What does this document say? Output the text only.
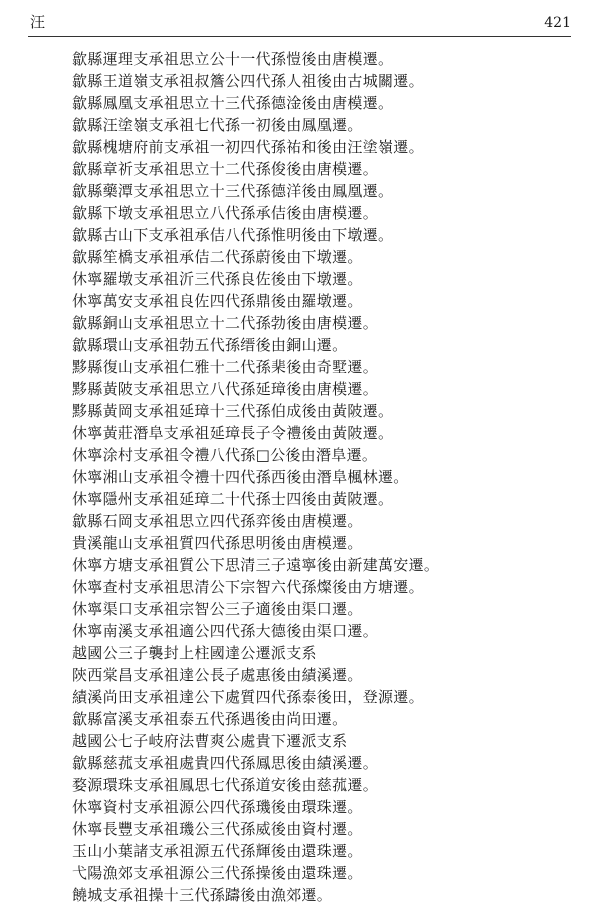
汪	421
歙縣運理支承祖思立公十一代孫愷後由唐模遷。
歙縣王道嶺支承祖叔簷公四代孫人祖後由古城關遷。
歙縣鳳凰支承祖思立十三代孫德淦後由唐模遷。
歙縣汪塗嶺支承祖七代孫一初後由鳳凰遷。
歙縣槐塘府前支承祖一初四代孫祐和後由汪塗嶺遷。
歙縣章祈支承祖思立十二代孫俊後由唐模遷。
歙縣藥潭支承祖思立十三代孫德洋後由鳳凰遷。
歙縣下墩支承祖思立八代孫承佶後由唐模遷。
歙縣古山下支承祖承佶八代孫惟明後由下墩遷。
歙縣笙橋支承祖承佶二代孫蔚後由下墩遷。
休寧羅墩支承祖沂三代孫良佐後由下墩遷。
休寧萬安支承祖良佐四代孫鼎後由羅墩遷。
歙縣銅山支承祖思立十二代孫勃後由唐模遷。
歙縣環山支承祖勃五代孫缙後由銅山遷。
黟縣復山支承祖仁雅十二代孫棐後由奇墅遷。
黟縣黃陂支承祖思立八代孫延璋後由唐模遷。
黟縣黃岡支承祖延璋十三代孫伯成後由黃陂遷。
休寧黃莊潛阜支承祖延璋長子令禮後由黃陂遷。
休寧涂村支承祖令禮八代孫□公後由潛阜遷。
休寧湘山支承祖令禮十四代孫西後由潛阜楓林遷。
休寧隱州支承祖延璋二十代孫士四後由黃陂遷。
歙縣石岡支承祖思立四代孫弈後由唐模遷。
貴溪龍山支承祖質四代孫思明後由唐模遷。
休寧方塘支承祖質公下思清三子遠寧後由新建萬安遷。
休寧查村支承祖思清公下宗智六代孫燦後由方塘遷。
休寧渠口支承祖宗智公三子適後由渠口遷。
休寧南溪支承祖適公四代孫大德後由渠口遷。
越國公三子襲封上柱國達公遷派支系
陝西棠昌支承祖達公長子處惠後由績溪遷。
績溪尚田支承祖達公下處質四代孫泰後田，登源遷。
歙縣富溪支承祖泰五代孫遇後由尚田遷。
越國公七子岐府法曹爽公處貴下遷派支系
歙縣慈菰支承祖處貴四代孫鳳思後由績溪遷。
婺源環珠支承祖鳳思七代孫道安後由慈菰遷。
休寧資村支承祖源公四代孫璣後由環珠遷。
休寧長豐支承祖璣公三代孫威後由資村遷。
玉山小葉諸支承祖源五代孫輝後由還珠遷。
弋陽漁郊支承祖源公三代孫操後由還珠遷。
饒城支承祖操十三代孫躊後由漁郊遷。
